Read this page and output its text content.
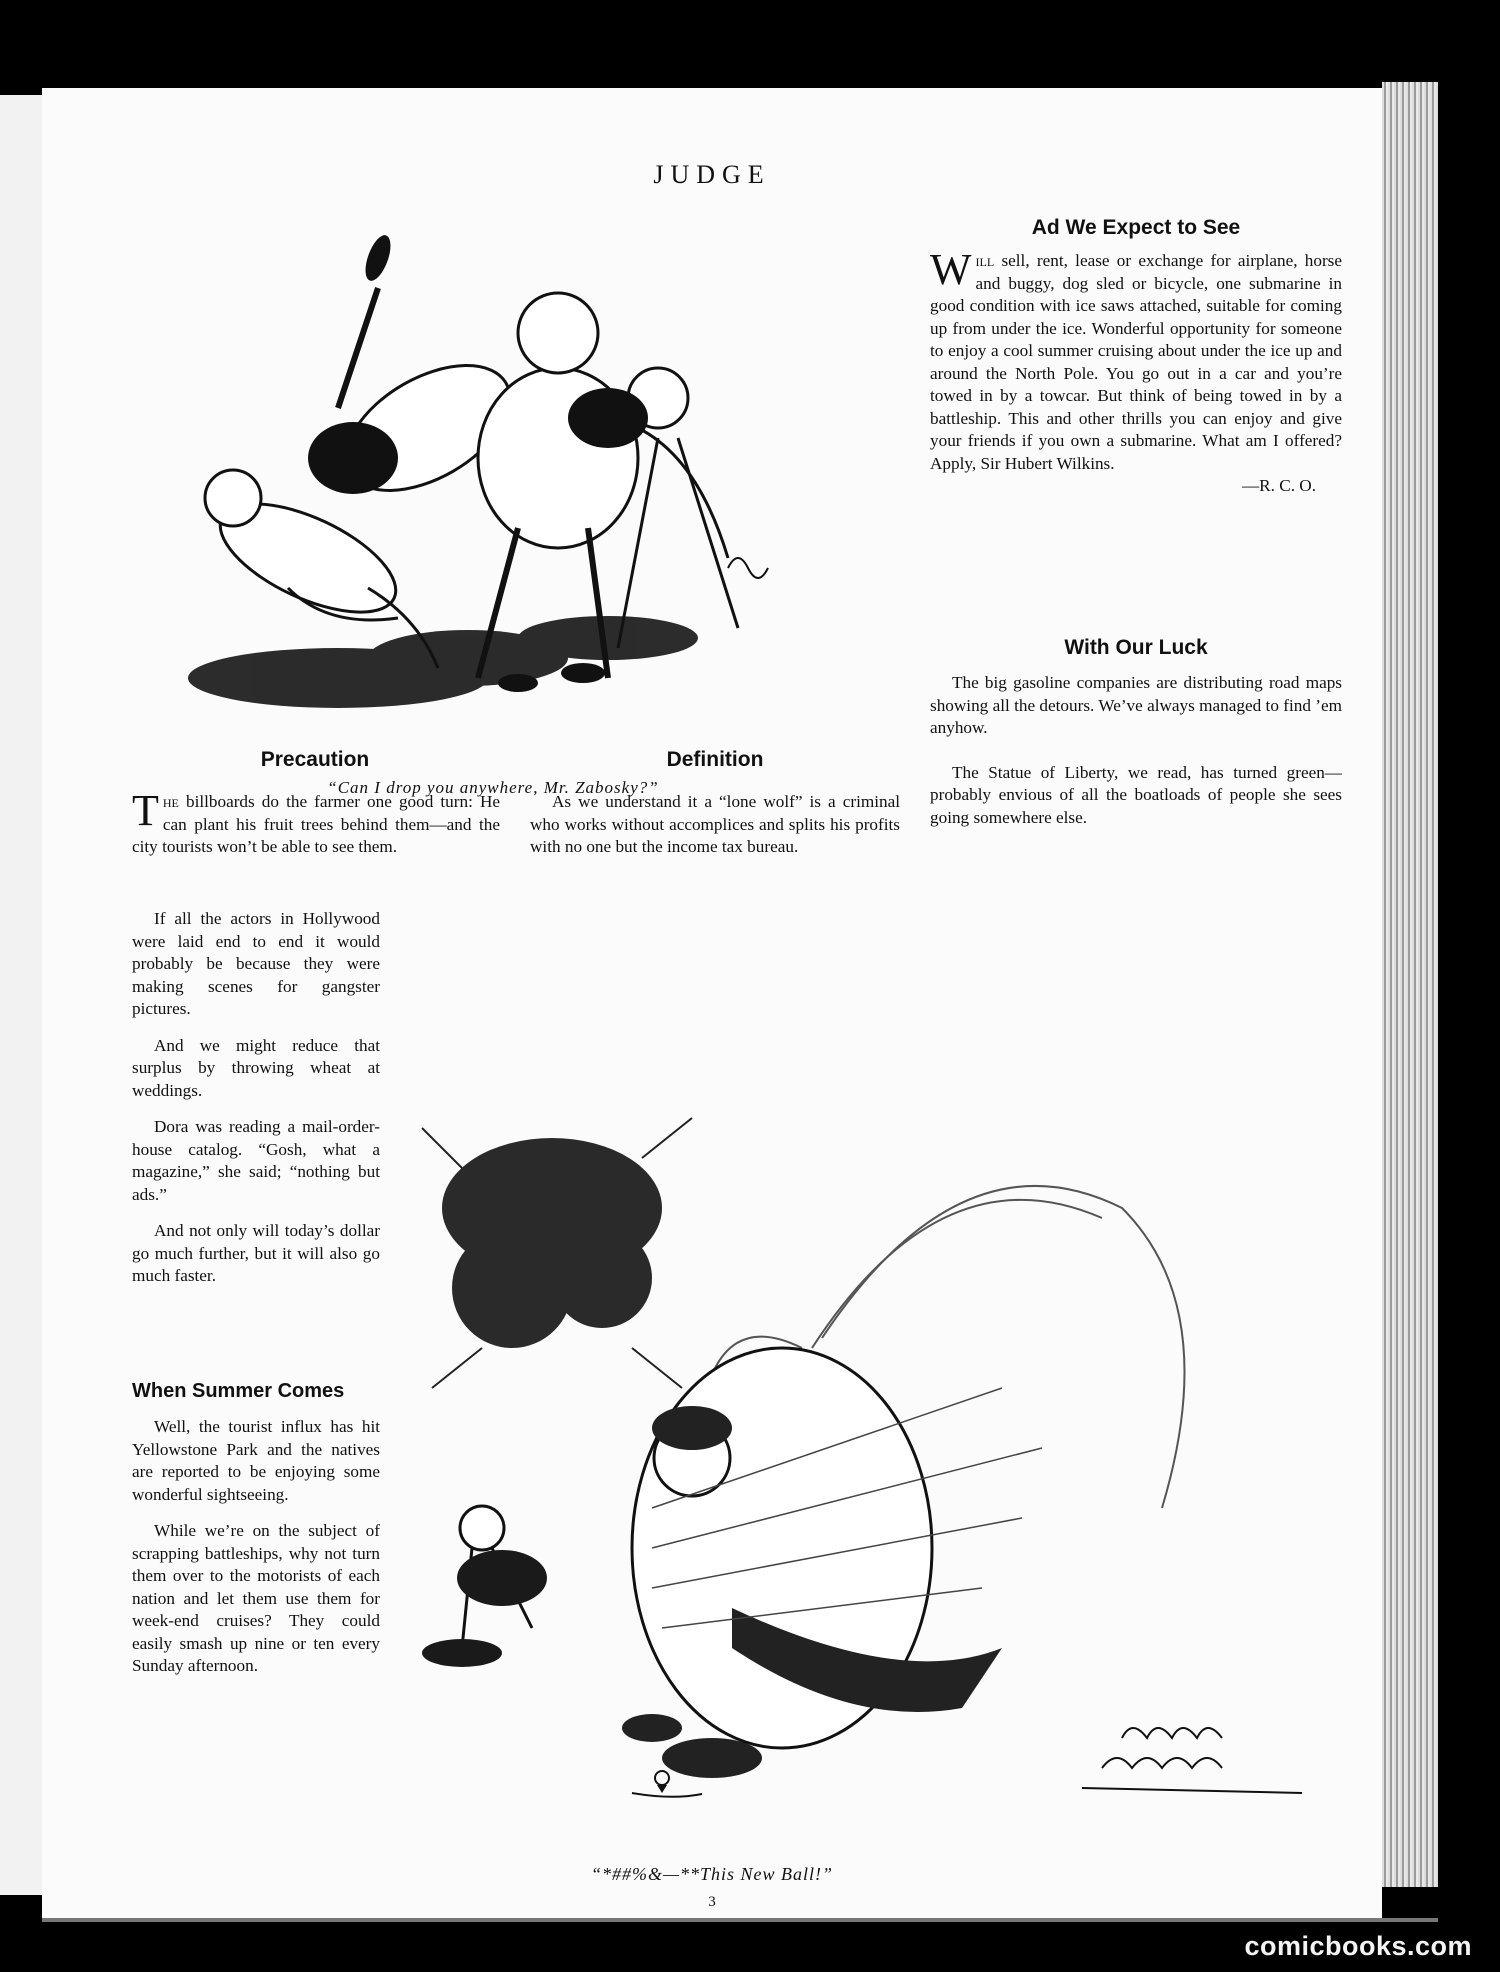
JUDGE
“Can I drop you anywhere, Mr. Zabosky?”
Ad We Expect to See

Will sell, rent, lease or exchange for airplane, horse and buggy, dog sled or bicycle, one submarine in good condition with ice saws attached, suitable for coming up from under the ice. Wonderful opportunity for someone to enjoy a cool summer cruising about under the ice up and around the North Pole. You go out in a car and you’re towed in by a towcar. But think of being towed in by a battleship. This and other thrills you can enjoy and give your friends if you own a submarine. What am I offered? Apply, Sir Hubert Wilkins.

—R. C. O.
With Our Luck

The big gasoline companies are distributing road maps showing all the detours. We’ve always managed to find ’em anyhow.

The Statue of Liberty, we read, has turned green—probably envious of all the boatloads of people she sees going somewhere else.

Precaution

The billboards do the farmer one good turn: He can plant his fruit trees behind them—and the city tourists won’t be able to see them.

Definition

As we understand it a “lone wolf” is a criminal who works without accomplices and splits his profits with no one but the income tax bureau.

If all the actors in Hollywood were laid end to end it would probably be because they were making scenes for gangster pictures.

And we might reduce that surplus by throwing wheat at weddings.

Dora was reading a mail-order-house catalog. “Gosh, what a magazine,” she said; “nothing but ads.”

And not only will today’s dollar go much further, but it will also go much faster.

When Summer Comes

Well, the tourist influx has hit Yellowstone Park and the natives are reported to be enjoying some wonderful sightseeing.

While we’re on the subject of scrapping battleships, why not turn them over to the motorists of each nation and let them use them for week-end cruises? They could easily smash up nine or ten every Sunday afternoon.

“*##%&—**This New Ball!”
3
comicbooks.com
